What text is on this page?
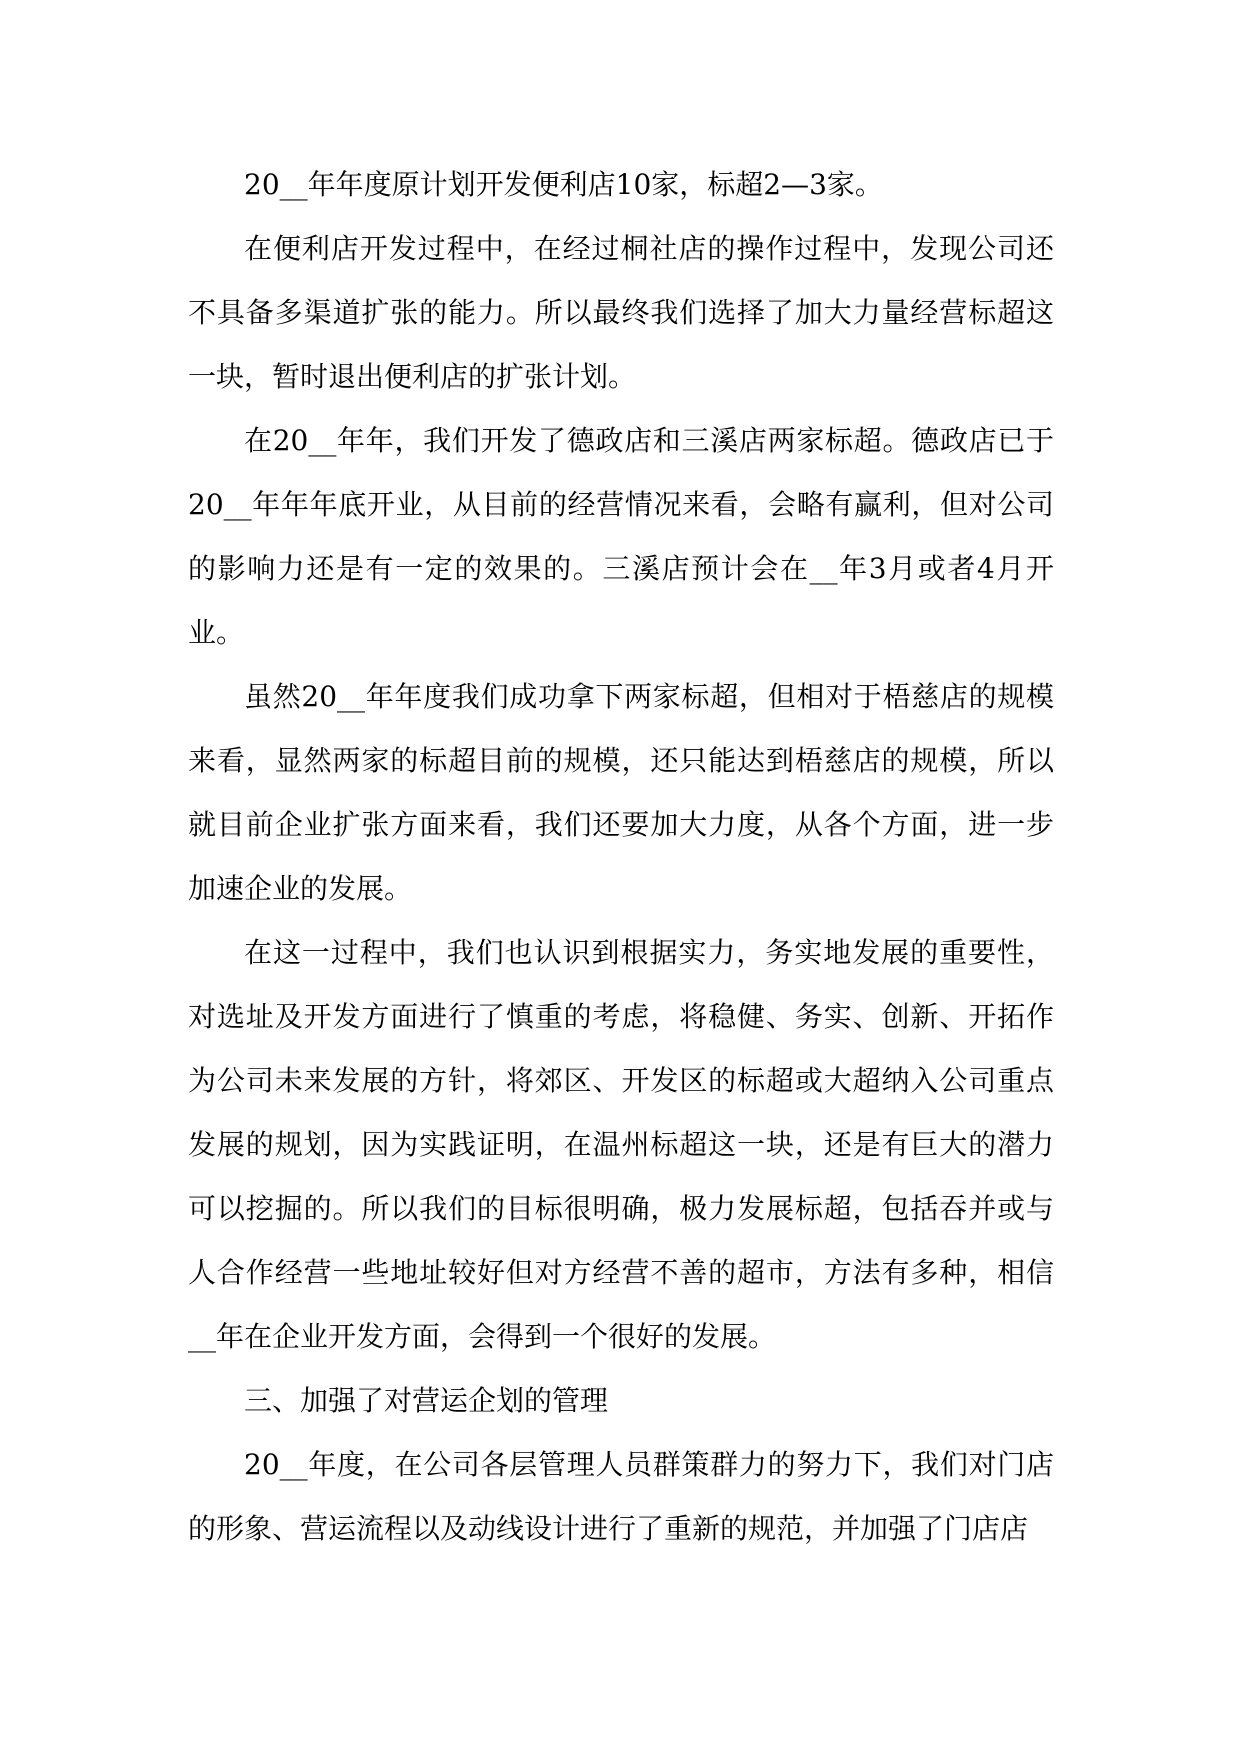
20__年年度原计划开发便利店10家，标超2—3家。

在便利店开发过程中，在经过桐社店的操作过程中，发现公司还不具备多渠道扩张的能力。所以最终我们选择了加大力量经营标超这一块，暂时退出便利店的扩张计划。

在20__年年，我们开发了德政店和三溪店两家标超。德政店已于20__年年年底开业，从目前的经营情况来看，会略有赢利，但对公司的影响力还是有一定的效果的。三溪店预计会在__年3月或者4月开业。

虽然20__年年度我们成功拿下两家标超，但相对于梧慈店的规模来看，显然两家的标超目前的规模，还只能达到梧慈店的规模，所以就目前企业扩张方面来看，我们还要加大力度，从各个方面，进一步加速企业的发展。

在这一过程中，我们也认识到根据实力，务实地发展的重要性，对选址及开发方面进行了慎重的考虑，将稳健、务实、创新、开拓作为公司未来发展的方针，将郊区、开发区的标超或大超纳入公司重点发展的规划，因为实践证明，在温州标超这一块，还是有巨大的潜力可以挖掘的。所以我们的目标很明确，极力发展标超，包括吞并或与人合作经营一些地址较好但对方经营不善的超市，方法有多种，相信__年在企业开发方面，会得到一个很好的发展。

三、加强了对营运企划的管理

20__年度，在公司各层管理人员群策群力的努力下，我们对门店的形象、营运流程以及动线设计进行了重新的规范，并加强了门店店
